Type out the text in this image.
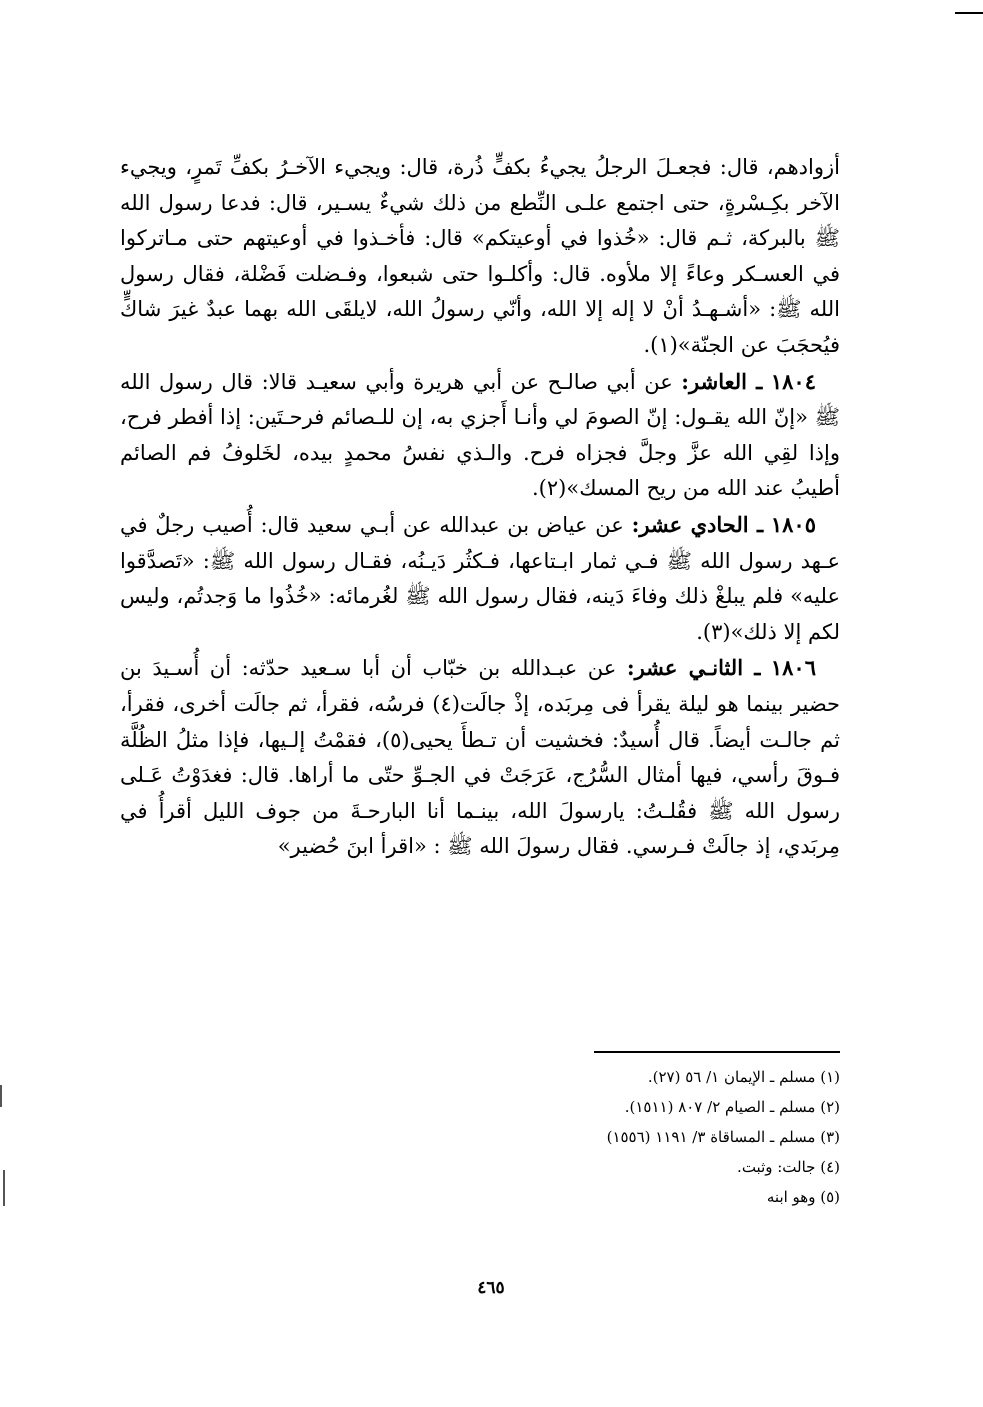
أزوادهم، قال: فجعـلَ الرجلُ يجيءُ بكفٍّ ذُرة، قال: ويجيء الآخـرُ بكفِّ تَمرٍ، ويجيء الآخر بكِـسْرةٍ، حتى اجتمع علـى النِّطع من ذلك شيءٌ يسـير، قال: فدعا رسول الله ﷺ بالبركة، ثـم قال: «خُذوا في أوعيتكم» قال: فأخـذوا في أوعيتهم حتى مـاتركوا في العسـكر وعاءً إلا ملأوه. قال: وأكلـوا حتى شبعوا، وفـضلت فَضْلة، فقال رسول الله ﷺ: «أشـهـدُ أنْ لا إله إلا الله، وأنّي رسولُ الله، لايلقَى الله بهما عبدٌ غيرَ شاكٍّ فيُحجَبَ عن الجنّة»(١).

١٨٠٤ ـ العاشر: عن أبي صالـح عن أبي هريرة وأبي سعيـد قالا: قال رسول الله ﷺ «إنّ الله يقـول: إنّ الصومَ لي وأنـا أَجزي به، إن للـصائم فرحـتَين: إذا أفطر فرح، وإذا لقِي الله عزَّ وجلَّ فجزاه فرح. والـذي نفسُ محمدٍ بيده، لخَلوفُ فم الصائم أطيبُ عند الله من ريح المسك»(٢).

١٨٠٥ ـ الحادي عشر: عن عياض بن عبدالله عن أبـي سعيد قال: أُصيب رجلٌ في عـهد رسول الله ﷺ فـي ثمار ابـتاعها، فـكثُر دَيـنُه، فقـال رسول الله ﷺ: «تَصدَّقوا عليه» فلم يبلغْ ذلك وفاءَ دَينه، فقال رسول الله ﷺ لغُرمائه: «خُذُوا ما وَجدتُم، وليس لكم إلا ذلك»(٣).

١٨٠٦ ـ الثانـي عشر: عن عبـدالله بن خبّاب أن أبا سـعيد حدّثه: أن أُسـيدَ بن حضير بينما هو ليلة يقرأ فى مِربَده، إذْ جالَت(٤) فرسُه، فقرأ، ثم جالَت أخرى، فقرأ، ثم جالـت أيضاً. قال أُسيدٌ: فخشيت أن تـطأَ يحيى(٥)، فقمْتُ إلـيها، فإذا مثلُ الظُلَّة فـوقَ رأسي، فيها أمثال السُّرُج، عَرَجَتْ في الجـوِّ حتّى ما أراها. قال: فغدَوْتُ عَـلى رسول الله ﷺ فقُلـتُ: يارسولَ الله، بينـما أنا البارحـةَ من جوف الليل أقرأُ في مِربَدي، إذ جالَتْ فـرسي. فقال رسولَ الله ﷺ : «اقرأ ابنَ حُضير»

(١) مسلم ـ الإيمان ١/ ٥٦ (٢٧).

(٢) مسلم ـ الصيام ٢/ ٨٠٧ (١٥١١).

(٣) مسلم ـ المساقاة ٣/ ١١٩١ (١٥٥٦)

(٤) جالت: وثبت.

(٥) وهو ابنه

٤٦٥
